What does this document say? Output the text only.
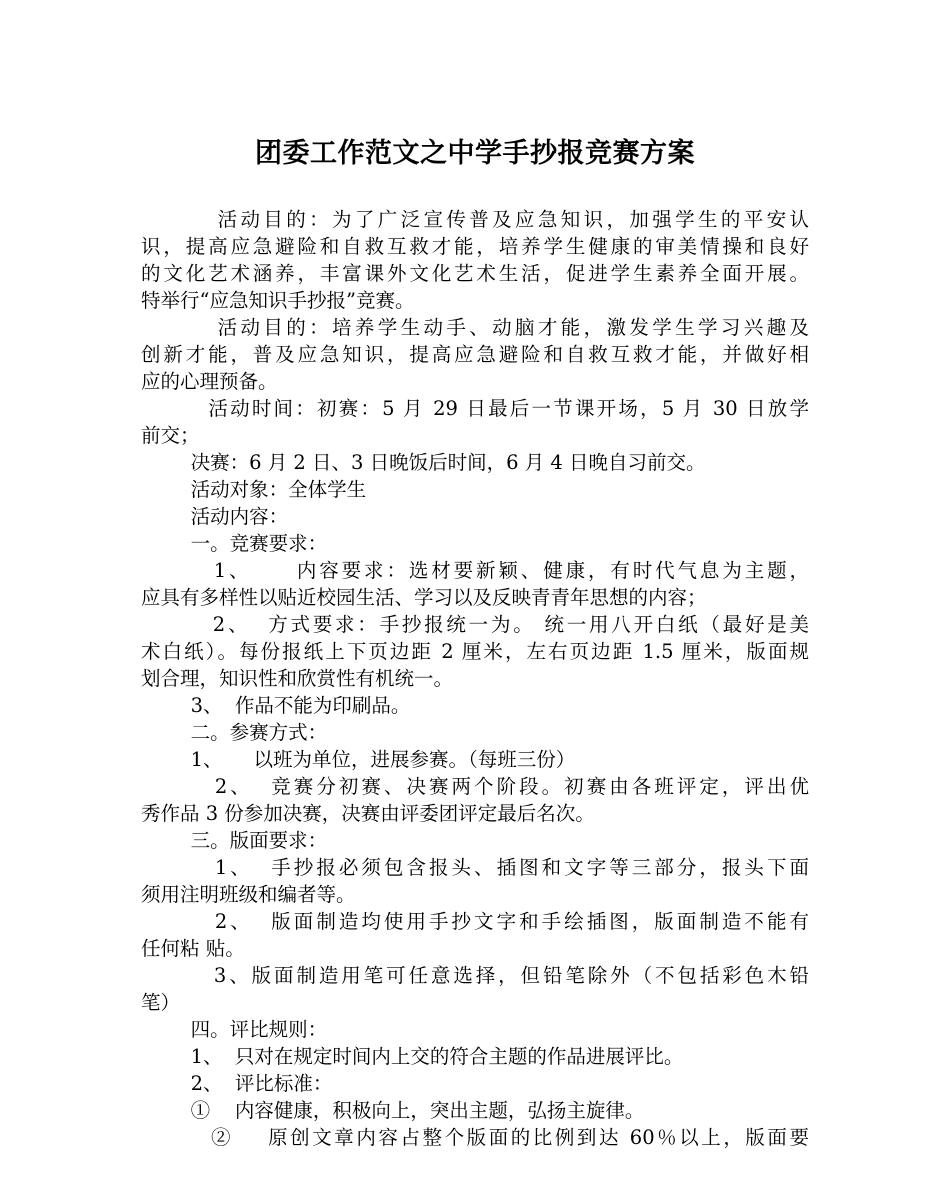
团委工作范文之中学手抄报竞赛方案
活动目的：为了广泛宣传普及应急知识，加强学生的平安认
识，提高应急避险和自救互救才能，培养学生健康的审美情操和良好
的文化艺术涵养，丰富课外文化艺术生活，促进学生素养全面开展。
特举行“应急知识手抄报”竞赛。
活动目的：培养学生动手、动脑才能，激发学生学习兴趣及
创新才能，普及应急知识，提高应急避险和自救互救才能，并做好相
应的心理预备。
活动时间：初赛：5 月 29 日最后一节课开场，5 月 30 日放学
前交；
决赛：6 月 2 日、3 日晚饭后时间，6 月 4 日晚自习前交。
活动对象：全体学生
活动内容：
一。竞赛要求：
1、     内容要求：选材要新颖、健康，有时代气息为主题，
应具有多样性以贴近校园生活、学习以及反映青青年思想的内容；
2、  方式要求：手抄报统一为。 统一用八开白纸（最好是美
术白纸）。每份报纸上下页边距 2 厘米，左右页边距 1.5 厘米，版面规
划合理，知识性和欣赏性有机统一。
3、  作品不能为印刷品。
二。参赛方式：
1、     以班为单位，进展参赛。（每班三份）
2、  竞赛分初赛、决赛两个阶段。初赛由各班评定，评出优
秀作品 3 份参加决赛，决赛由评委团评定最后名次。
三。版面要求：
1、  手抄报必须包含报头、插图和文字等三部分，报头下面
须用注明班级和编者等。
2、  版面制造均使用手抄文字和手绘插图，版面制造不能有
任何粘 贴。
3、版面制造用笔可任意选择，但铅笔除外（不包括彩色木铅
笔）
四。评比规则：
1、  只对在规定时间内上交的符合主题的作品进展评比。
2、  评比标准：
①    内容健康，积极向上，突出主题，弘扬主旋律。
②    原创文章内容占整个版面的比例到达 60％以上，版面要
